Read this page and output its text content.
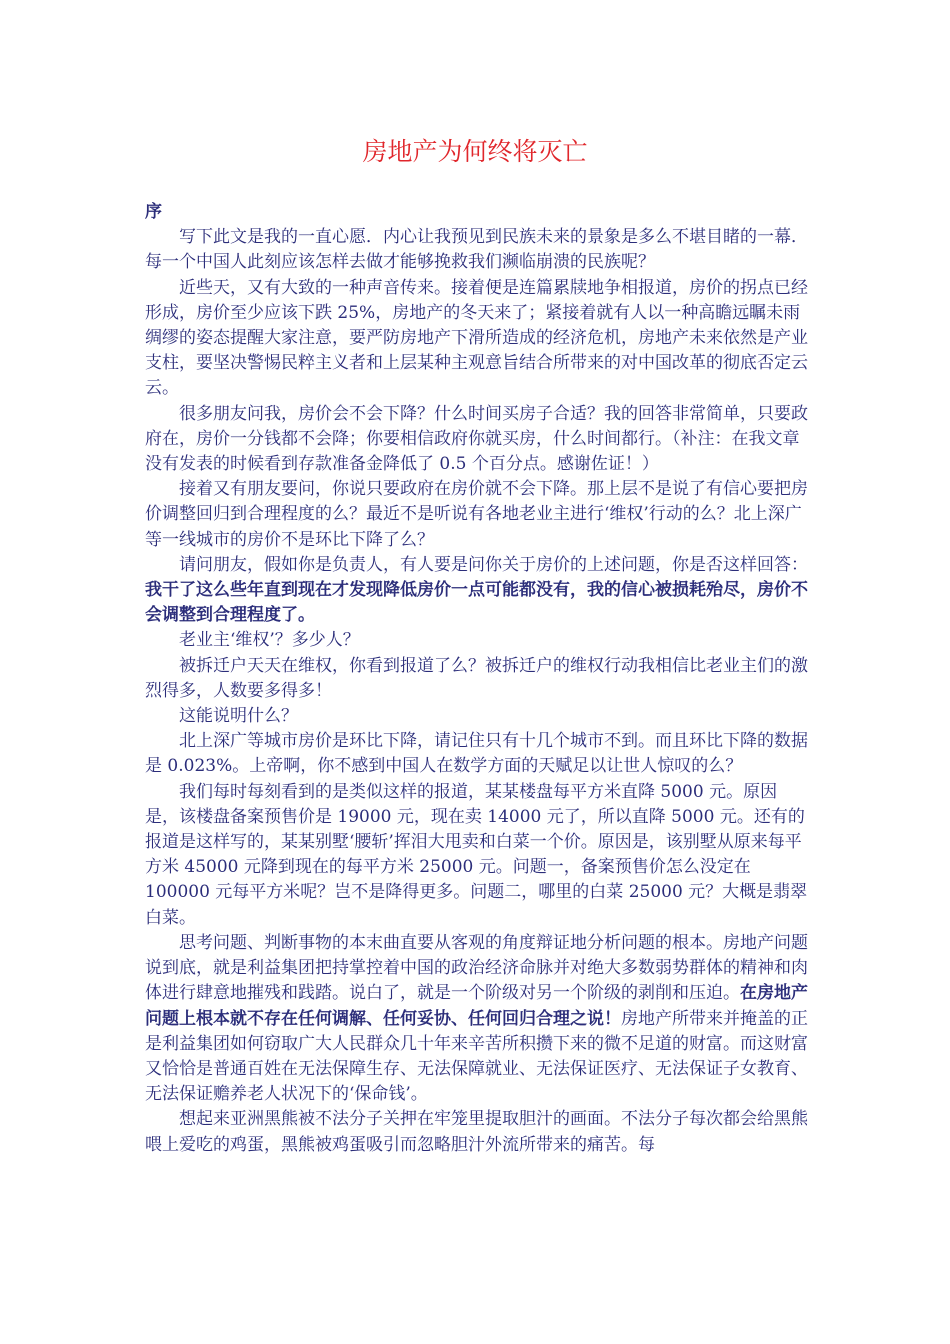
房地产为何终将灭亡

序

写下此文是我的一直心愿．内心让我预见到民族未来的景象是多么不堪目睹的一幕．每一个中国人此刻应该怎样去做才能够挽救我们濒临崩溃的民族呢？

近些天，又有大致的一种声音传来。接着便是连篇累牍地争相报道，房价的拐点已经形成，房价至少应该下跌 25%，房地产的冬天来了；紧接着就有人以一种高瞻远瞩未雨绸缪的姿态提醒大家注意，要严防房地产下滑所造成的经济危机，房地产未来依然是产业支柱，要坚决警惕民粹主义者和上层某种主观意旨结合所带来的对中国改革的彻底否定云云。

很多朋友问我，房价会不会下降？什么时间买房子合适？我的回答非常简单，只要政府在，房价一分钱都不会降；你要相信政府你就买房，什么时间都行。（补注：在我文章没有发表的时候看到存款准备金降低了 0.5 个百分点。感谢佐证！）

接着又有朋友要问，你说只要政府在房价就不会下降。那上层不是说了有信心要把房价调整回归到合理程度的么？最近不是听说有各地老业主进行‘维权’行动的么？北上深广等一线城市的房价不是环比下降了么？

请问朋友，假如你是负责人，有人要是问你关于房价的上述问题，你是否这样回答：我干了这么些年直到现在才发现降低房价一点可能都没有，我的信心被损耗殆尽，房价不会调整到合理程度了。

老业主‘维权’？多少人？

被拆迁户天天在维权，你看到报道了么？被拆迁户的维权行动我相信比老业主们的激烈得多，人数要多得多！

这能说明什么？

北上深广等城市房价是环比下降，请记住只有十几个城市不到。而且环比下降的数据是 0.023%。上帝啊，你不感到中国人在数学方面的天赋足以让世人惊叹的么？

我们每时每刻看到的是类似这样的报道，某某楼盘每平方米直降 5000 元。原因是，该楼盘备案预售价是 19000 元，现在卖 14000 元了，所以直降 5000 元。还有的报道是这样写的，某某别墅‘腰斩’挥泪大甩卖和白菜一个价。原因是，该别墅从原来每平方米 45000 元降到现在的每平方米 25000 元。问题一，备案预售价怎么没定在 100000 元每平方米呢？岂不是降得更多。问题二，哪里的白菜 25000 元？大概是翡翠白菜。

思考问题、判断事物的本末曲直要从客观的角度辩证地分析问题的根本。房地产问题说到底，就是利益集团把持掌控着中国的政治经济命脉并对绝大多数弱势群体的精神和肉体进行肆意地摧残和践踏。说白了，就是一个阶级对另一个阶级的剥削和压迫。在房地产问题上根本就不存在任何调解、任何妥协、任何回归合理之说！房地产所带来并掩盖的正是利益集团如何窃取广大人民群众几十年来辛苦所积攒下来的微不足道的财富。而这财富又恰恰是普通百姓在无法保障生存、无法保障就业、无法保证医疗、无法保证子女教育、无法保证赡养老人状况下的‘保命钱’。

想起来亚洲黑熊被不法分子关押在牢笼里提取胆汁的画面。不法分子每次都会给黑熊喂上爱吃的鸡蛋，黑熊被鸡蛋吸引而忽略胆汁外流所带来的痛苦。每
